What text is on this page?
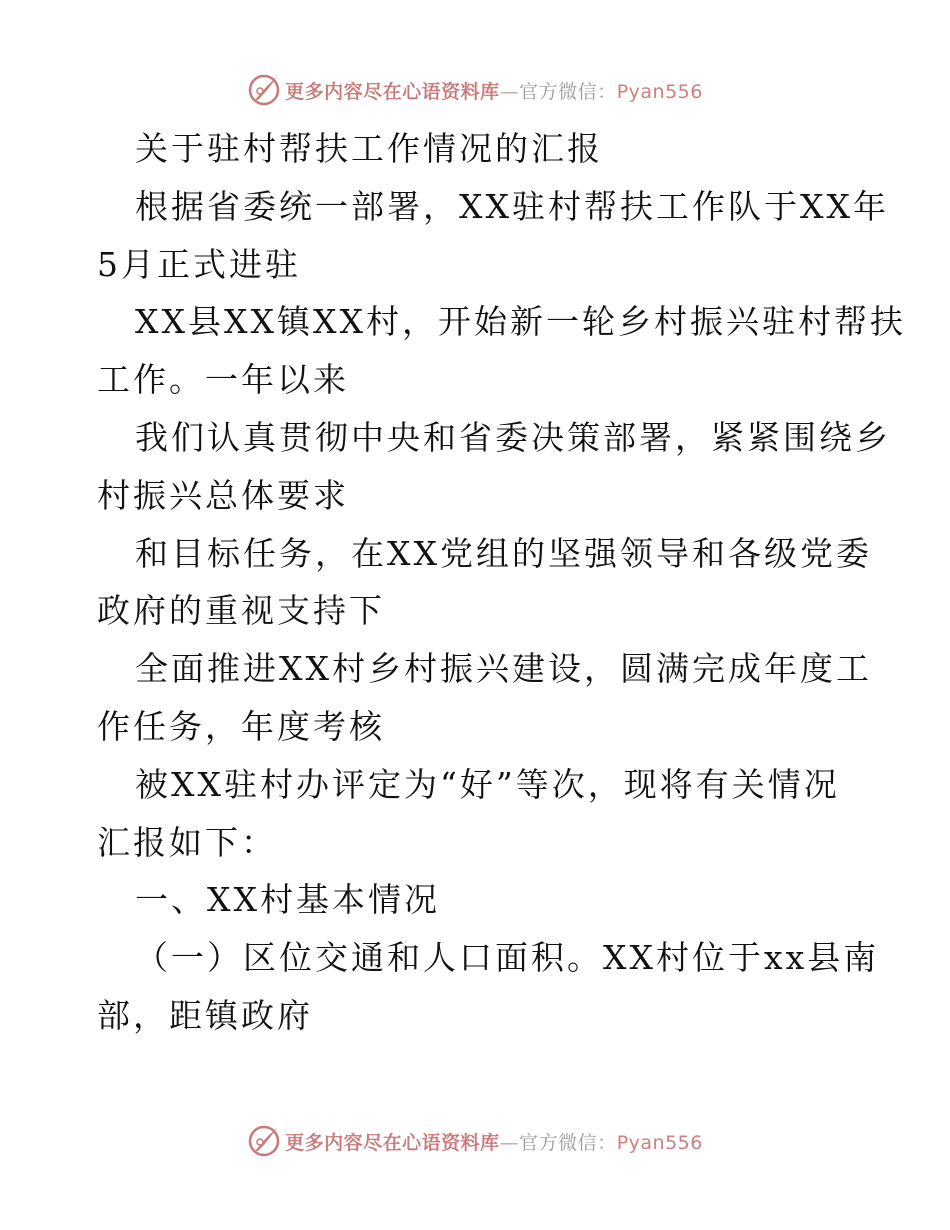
更多内容尽在心语资料库—官方微信：Pyan556
关于驻村帮扶工作情况的汇报
根据省委统一部署，XX驻村帮扶工作队于XX年
5月正式进驻
XX县XX镇XX村，开始新一轮乡村振兴驻村帮扶
工作。一年以来
我们认真贯彻中央和省委决策部署，紧紧围绕乡
村振兴总体要求
和目标任务，在XX党组的坚强领导和各级党委
政府的重视支持下
全面推进XX村乡村振兴建设，圆满完成年度工
作任务，年度考核
被XX驻村办评定为“好”等次，现将有关情况
汇报如下：
一、XX村基本情况
（一）区位交通和人口面积。XX村位于xx县南
部，距镇政府
更多内容尽在心语资料库—官方微信：Pyan556
